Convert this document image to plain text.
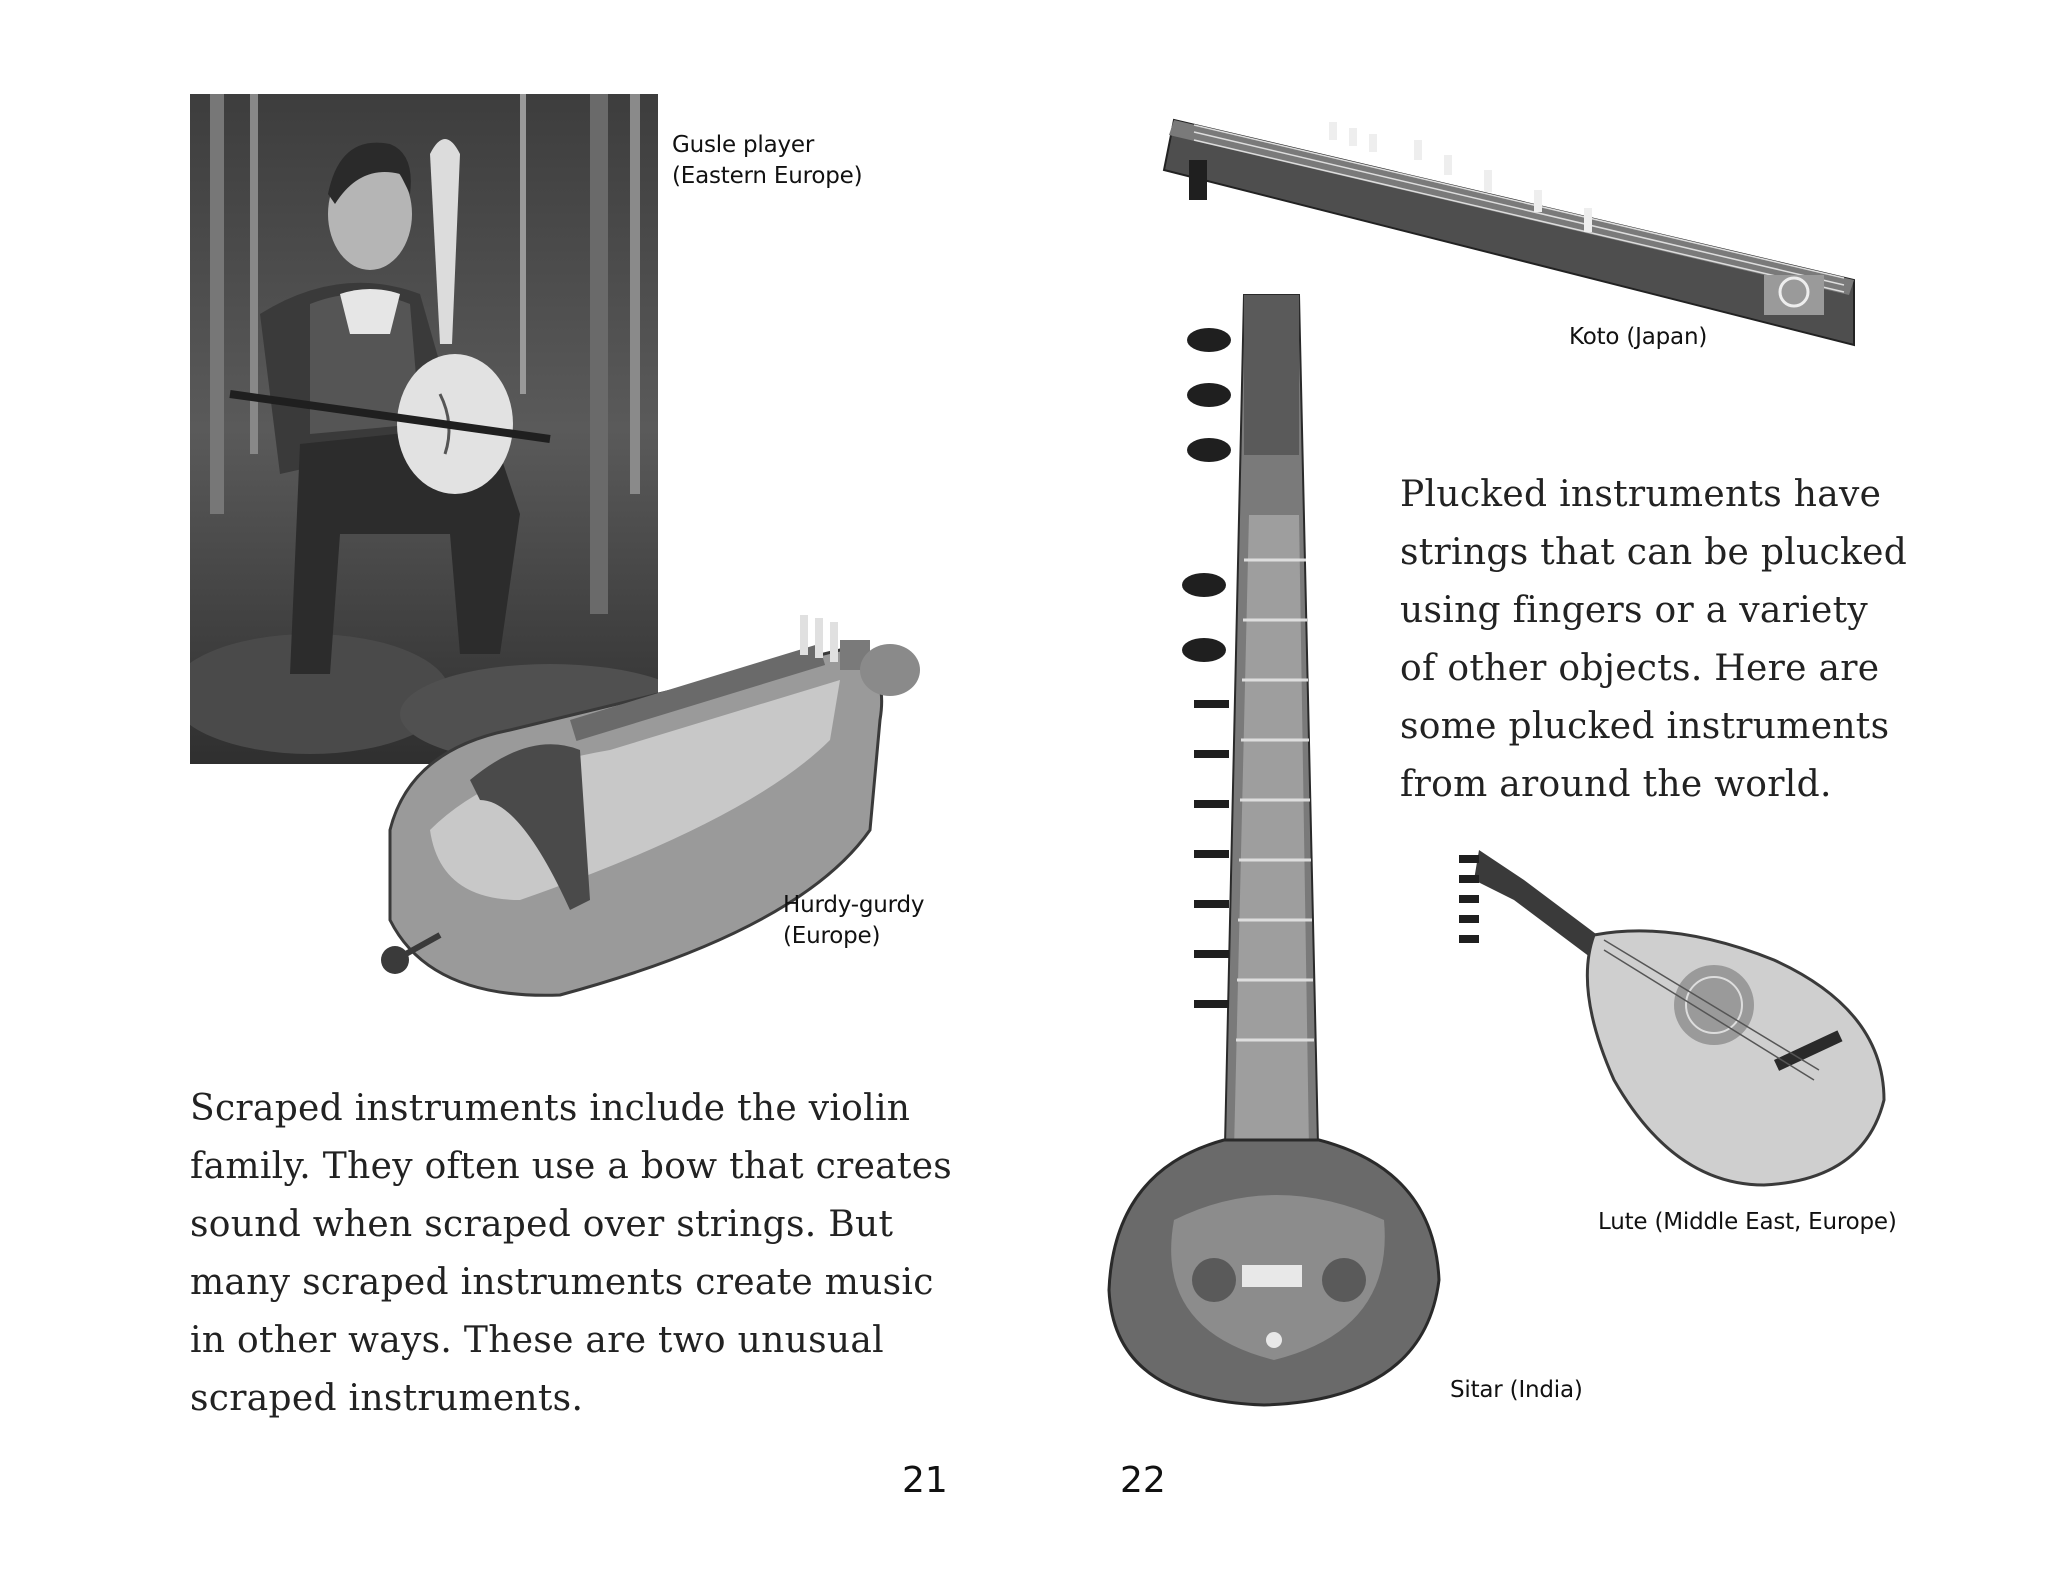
Gusle player
(Eastern Europe)
Hurdy-gurdy
(Europe)
Scraped instruments include the violin
family. They often use a bow that creates
sound when scraped over strings. But
many scraped instruments create music
in other ways. These are two unusual
scraped instruments.
21
Koto (Japan)
Sitar (India)
Plucked instruments have
strings that can be plucked
using fingers or a variety
of other objects. Here are
some plucked instruments
from around the world.
Lute (Middle East, Europe)
22
